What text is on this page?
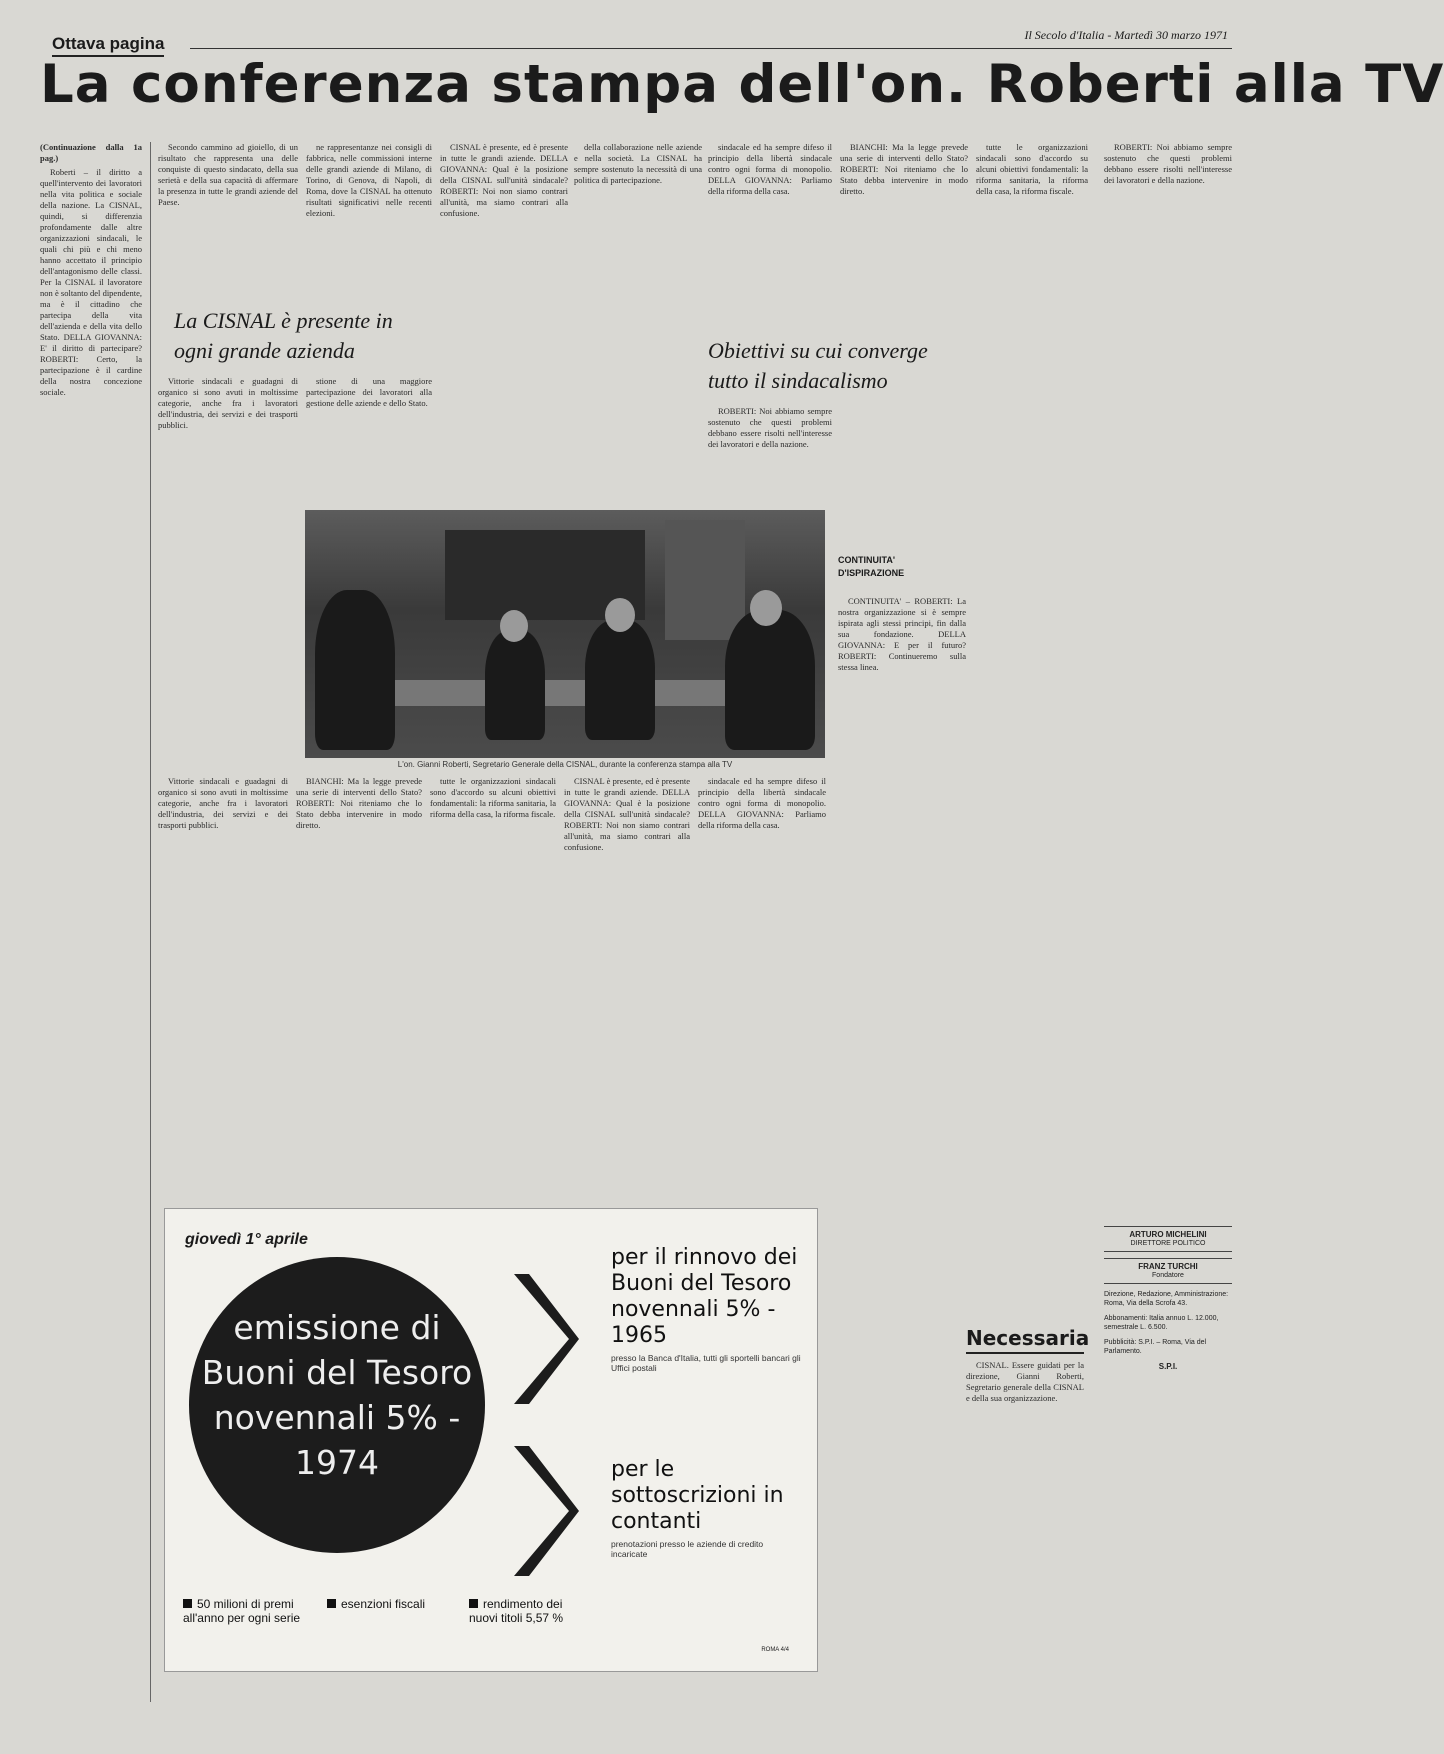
Ottava pagina	Il Secolo d'Italia - Martedì 30 marzo 1971
La conferenza stampa dell'on. Roberti alla TV
(Continuazione dalla 1a pag.)

Roberti – il diritto a quell'intervento dei lavoratori nella vita politica e sociale della nazione. La CISNAL, quindi, si differenzia profondamente dalle altre organizzazioni sindacali, le quali chi più e chi meno hanno accettato il principio dell'antagonismo delle classi. Per la CISNAL il lavoratore non è soltanto del dipendente, ma è il cittadino che partecipa della vita dell'azienda e della vita dello Stato. DELLA GIOVANNA: E' il diritto di partecipare? ROBERTI: Certo, la partecipazione è il cardine della nostra concezione sociale.

Secondo cammino ad gioiello, di un risultato che rappresenta una delle conquiste di questo sindacato, della sua serietà e della sua capacità di affermare la presenza in tutte le grandi aziende del Paese.

ne rappresentanze nei consigli di fabbrica, nelle commissioni interne delle grandi aziende di Milano, di Torino, di Genova, di Napoli, di Roma, dove la CISNAL ha ottenuto risultati significativi nelle recenti elezioni.

La CISNAL è presente in ogni grande azienda

Vittorie sindacali e guadagni di organico si sono avuti in moltissime categorie, anche fra i lavoratori dell'industria, dei servizi e dei trasporti pubblici.

stione di una maggiore partecipazione dei lavoratori alla gestione delle aziende e dello Stato.

CISNAL è presente, ed è presente in tutte le grandi aziende. DELLA GIOVANNA: Qual è la posizione della CISNAL sull'unità sindacale? ROBERTI: Noi non siamo contrari all'unità, ma siamo contrari alla confusione.

della collaborazione nelle aziende e nella società. La CISNAL ha sempre sostenuto la necessità di una politica di partecipazione.

sindacale ed ha sempre difeso il principio della libertà sindacale contro ogni forma di monopolio. DELLA GIOVANNA: Parliamo della riforma della casa.

Obiettivi su cui converge tutto il sindacalismo

ROBERTI: Noi abbiamo sempre sostenuto che questi problemi debbano essere risolti nell'interesse dei lavoratori e della nazione.

BIANCHI: Ma la legge prevede una serie di interventi dello Stato? ROBERTI: Noi riteniamo che lo Stato debba intervenire in modo diretto.

tutte le organizzazioni sindacali sono d'accordo su alcuni obiettivi fondamentali: la riforma sanitaria, la riforma della casa, la riforma fiscale.

ROBERTI: Noi abbiamo sempre sostenuto che questi problemi debbano essere risolti nell'interesse dei lavoratori e della nazione.

L'on. Gianni Roberti, Segretario Generale della CISNAL, durante la conferenza stampa alla TV
CONTINUITA' D'ISPIRAZIONE

CONTINUITA' – ROBERTI: La nostra organizzazione si è sempre ispirata agli stessi principi, fin dalla sua fondazione. DELLA GIOVANNA: E per il futuro? ROBERTI: Continueremo sulla stessa linea.

Vittorie sindacali e guadagni di organico si sono avuti in moltissime categorie, anche fra i lavoratori dell'industria, dei servizi e dei trasporti pubblici.

BIANCHI: Ma la legge prevede una serie di interventi dello Stato? ROBERTI: Noi riteniamo che lo Stato debba intervenire in modo diretto.

tutte le organizzazioni sindacali sono d'accordo su alcuni obiettivi fondamentali: la riforma sanitaria, la riforma della casa, la riforma fiscale.

CISNAL è presente, ed è presente in tutte le grandi aziende. DELLA GIOVANNA: Qual è la posizione della CISNAL sull'unità sindacale? ROBERTI: Noi non siamo contrari all'unità, ma siamo contrari alla confusione.

sindacale ed ha sempre difeso il principio della libertà sindacale contro ogni forma di monopolio. DELLA GIOVANNA: Parliamo della riforma della casa.

giovedì 1° aprile
emissione di Buoni del Tesoro novennali 5% - 1974
per il rinnovo dei Buoni del Tesoro novennali 5% - 1965
presso la Banca d'Italia, tutti gli sportelli bancari gli Uffici postali
per le sottoscrizioni in contanti
prenotazioni presso le aziende di credito incaricate
50 milioni di premi all'anno per ogni serie
esenzioni fiscali	rendimento dei nuovi titoli 5,57 %
ROMA 4/4
Necessaria

CISNAL. Essere guidati per la direzione, Gianni Roberti, Segretario generale della CISNAL e della sua organizzazione.

ARTURO MICHELINI
DIRETTORE POLITICO
FRANZ TURCHI
Fondatore
Direzione, Redazione, Amministrazione: Roma, Via della Scrofa 43.
Abbonamenti: Italia annuo L. 12.000, semestrale L. 6.500.
Pubblicità: S.P.I. – Roma, Via del Parlamento.
S.P.I.
